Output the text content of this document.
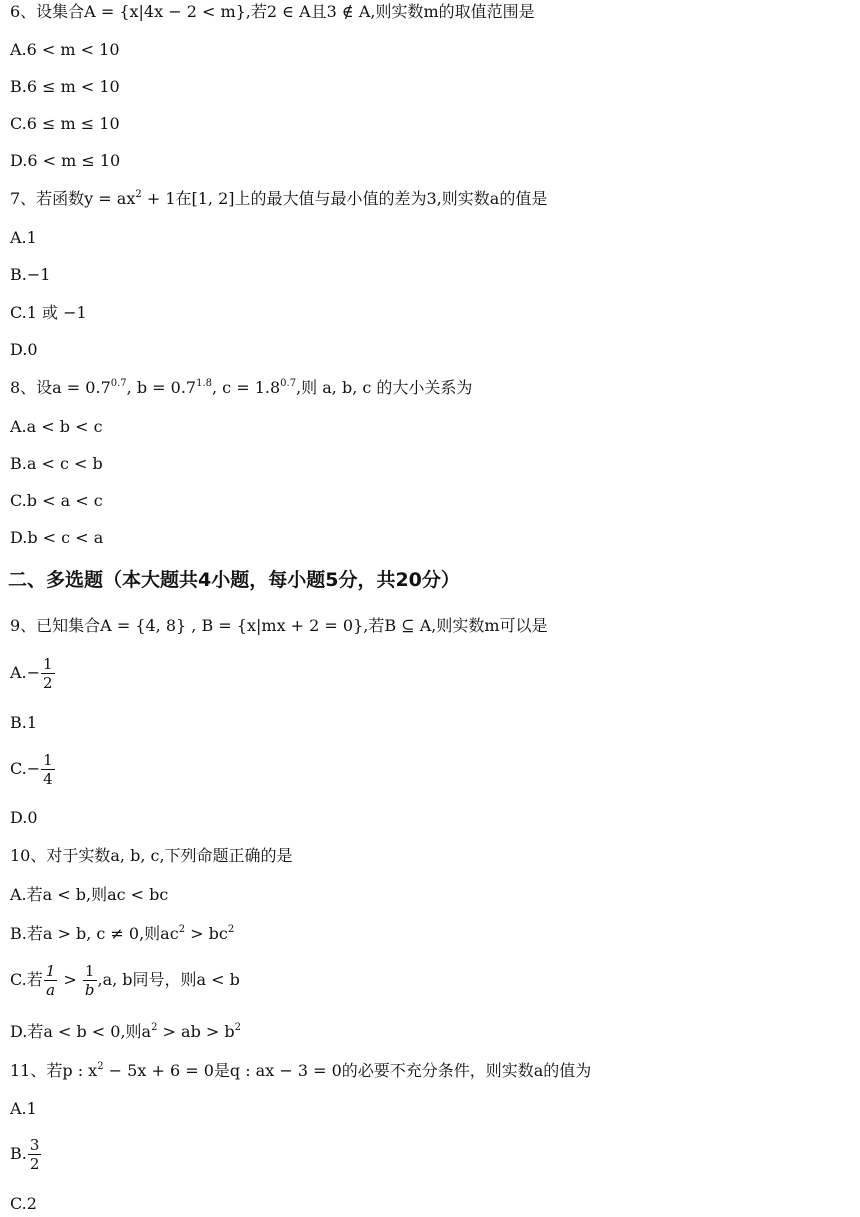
6、设集合A = {x|4x − 2 < m},若2 ∈ A且3 ∉ A,则实数m的取值范围是
A.6 < m < 10
B.6 ≤ m < 10
C.6 ≤ m ≤ 10
D.6 < m ≤ 10
7、若函数$y = ax^2 + 1$在[1, 2]上的最大值与最小值的差为3,则实数a的值是
A.1
B.−1
C.1 或 −1
D.0
8、设$a = 0.7^{0.7}$, $b = 0.7^{1.8}$, $c = 1.8^{0.7}$,则 a, b, c 的大小关系为
A.a < b < c
B.a < c < b
C.b < a < c
D.b < c < a
二、多选题（本大题共4小题，每小题5分，共20分）
9、已知集合A = {4, 8} , B = {x|mx + 2 = 0},若B ⊆ A,则实数m可以是
$A.- \frac{1}{2}$
B.1
$C.- \frac{1}{4}$
D.0
10、对于实数a, b, c,下列命题正确的是
A.若a < b,则ac < bc
B.若a > b, c ≠ 0,则$ac^2 > bc^2$
C.若 $\frac{1}{a} > \frac{1}{b} ,a$, b同号，则a < b
D.若a < b < 0,则$a^2$ > ab > $b^2$
11、若p : $x^2 - 5x + 6 = 0$是q : ax − 3 = 0的必要不充分条件，则实数a的值为
A.1
B. $\frac{3}{2}$
C.2
